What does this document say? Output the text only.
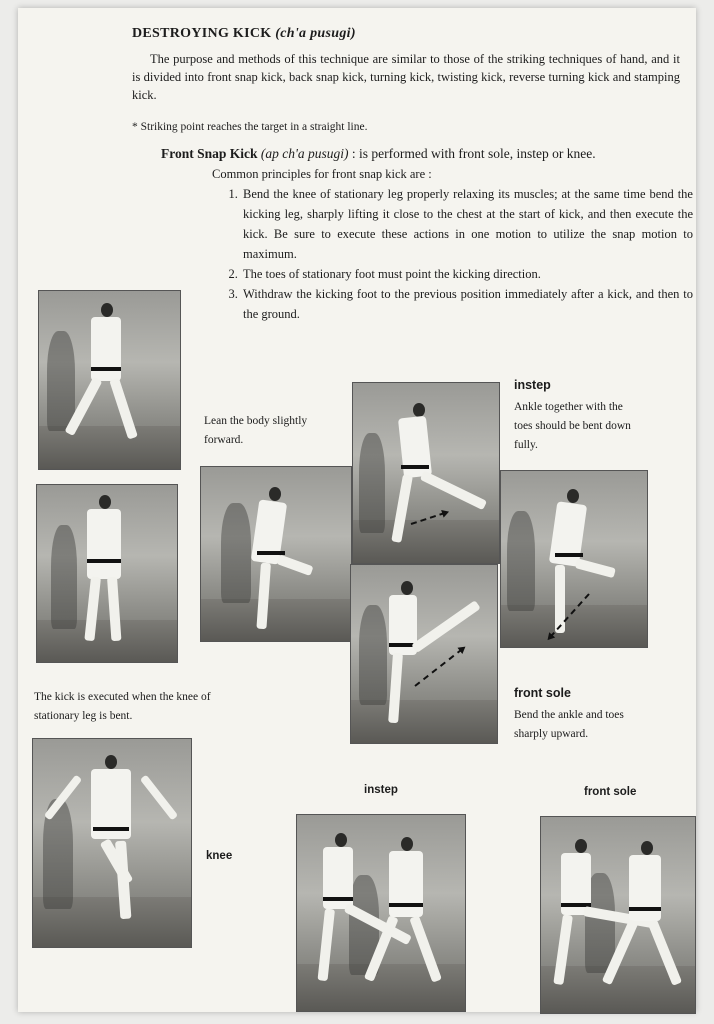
DESTROYING KICK (ch'a pusugi)
The purpose and methods of this technique are similar to those of the striking techniques of hand, and it is divided into front snap kick, back snap kick, turning kick, twisting kick, reverse turning kick and stamping kick.
* Striking point reaches the target in a straight line.
Front Snap Kick (ap ch'a pusugi) : is performed with front sole, instep or knee.
Common principles for front snap kick are :
1. Bend the knee of stationary leg properly relaxing its muscles; at the same time bend the kicking leg, sharply lifting it close to the chest at the start of kick, and then execute the kick. Be sure to execute these actions in one motion to utilize the snap motion to maximum.
2. The toes of stationary foot must point the kicking direction.
3. Withdraw the kicking foot to the previous position immediately after a kick, and then to the ground.
Lean the body slightly forward.
instep
Ankle together with the toes should be bent down fully.
front sole
Bend the ankle and toes sharply upward.
The kick is executed when the knee of stationary leg is bent.
knee
instep	front sole
